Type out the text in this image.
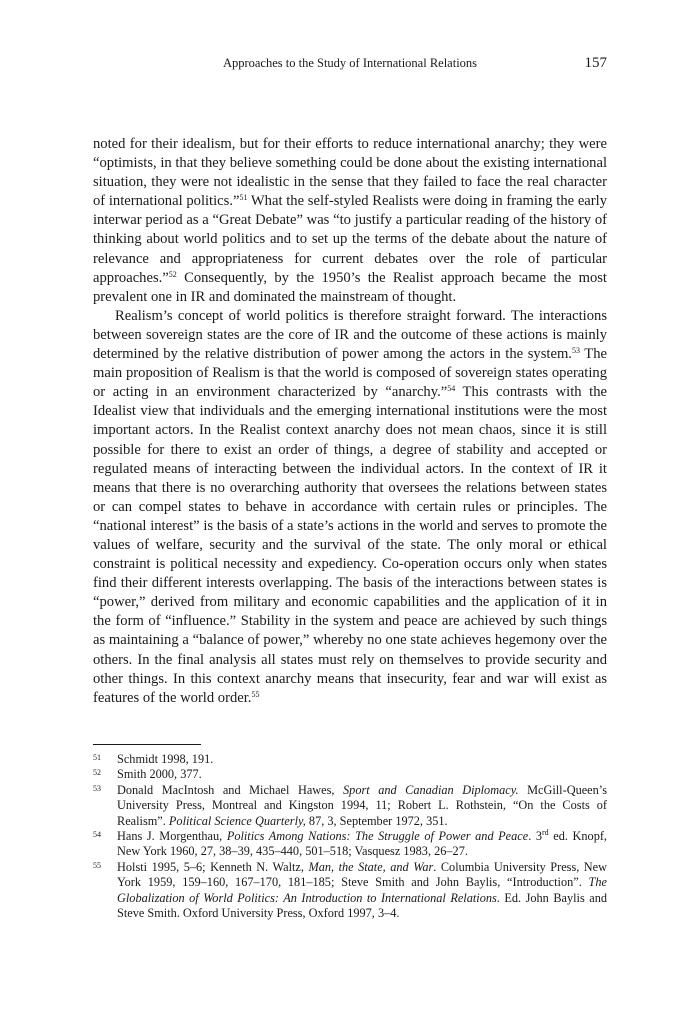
Approaches to the Study of International Relations	157

noted for their idealism, but for their efforts to reduce international anarchy; they were “optimists, in that they believe something could be done about the existing international situation, they were not idealistic in the sense that they failed to face the real character of international politics.”$^{51}$ What the self-styled Realists were doing in framing the early interwar period as a “Great Debate” was “to justify a particular reading of the history of thinking about world politics and to set up the terms of the debate about the nature of relevance and appropriateness for current debates over the role of particular approaches.”$^{52}$ Consequently, by the 1950’s the Realist approach became the most prevalent one in IR and dominated the mainstream of thought.

Realism’s concept of world politics is therefore straight forward. The interactions between sovereign states are the core of IR and the outcome of these actions is mainly determined by the relative distribution of power among the actors in the system.$^{53}$ The main proposition of Realism is that the world is composed of sovereign states operating or acting in an environment characterized by “anarchy.”$^{54}$ This contrasts with the Idealist view that individuals and the emerging international institutions were the most important actors. In the Realist context anarchy does not mean chaos, since it is still possible for there to exist an order of things, a degree of stability and accepted or regulated means of interacting between the individual actors. In the context of IR it means that there is no overarching authority that oversees the relations between states or can compel states to behave in accordance with certain rules or principles. The “national interest” is the basis of a state’s actions in the world and serves to promote the values of welfare, security and the survival of the state. The only moral or ethical constraint is political necessity and expediency. Co-operation occurs only when states find their different interests overlapping. The basis of the interactions between states is “power,” derived from military and economic capabilities and the application of it in the form of “influence.” Stability in the system and peace are achieved by such things as maintaining a “balance of power,” whereby no one state achieves hegemony over the others. In the final analysis all states must rely on themselves to provide security and other things. In this context anarchy means that insecurity, fear and war will exist as features of the world order.$^{55}$

51 Schmidt 1998, 191.
52 Smith 2000, 377.
53 Donald MacIntosh and Michael Hawes, Sport and Canadian Diplomacy. McGill-Queen’s University Press, Montreal and Kingston 1994, 11; Robert L. Rothstein, “On the Costs of Realism”. Political Science Quarterly, 87, 3, September 1972, 351.
54 Hans J. Morgenthau, Politics Among Nations: The Struggle of Power and Peace. 3rd ed. Knopf, New York 1960, 27, 38–39, 435–440, 501–518; Vasquesz 1983, 26–27.
55 Holsti 1995, 5–6; Kenneth N. Waltz, Man, the State, and War. Columbia University Press, New York 1959, 159–160, 167–170, 181–185; Steve Smith and John Baylis, “Introduction”. The Globalization of World Politics: An Introduction to International Relations. Ed. John Baylis and Steve Smith. Oxford University Press, Oxford 1997, 3–4.
